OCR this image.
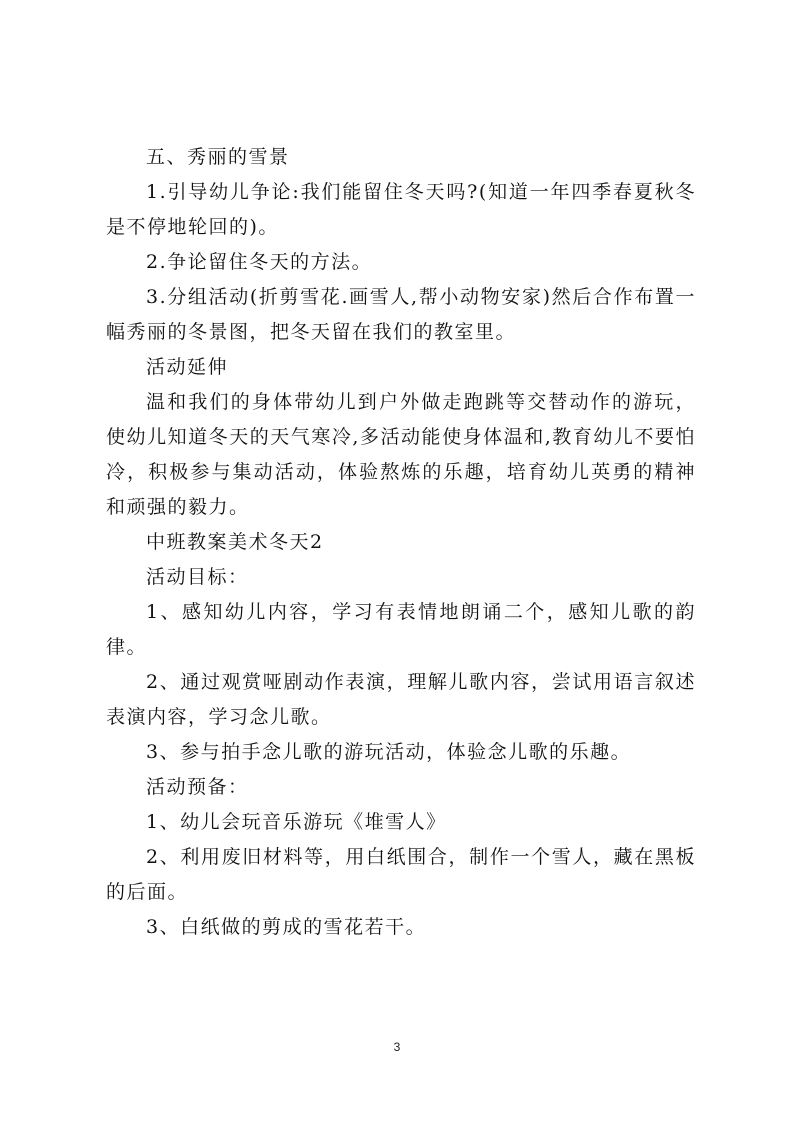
五、秀丽的雪景

1.引导幼儿争论:我们能留住冬天吗?(知道一年四季春夏秋冬是不停地轮回的)。

2.争论留住冬天的方法。

3.分组活动(折剪雪花.画雪人,帮小动物安家)然后合作布置一幅秀丽的冬景图，把冬天留在我们的教室里。

活动延伸

温和我们的身体带幼儿到户外做走跑跳等交替动作的游玩，使幼儿知道冬天的天气寒冷,多活动能使身体温和,教育幼儿不要怕冷，积极参与集动活动，体验熬炼的乐趣，培育幼儿英勇的精神和顽强的毅力。

中班教案美术冬天2

活动目标：

1、感知幼儿内容，学习有表情地朗诵二个，感知儿歌的韵律。

2、通过观赏哑剧动作表演，理解儿歌内容，尝试用语言叙述表演内容，学习念儿歌。

3、参与拍手念儿歌的游玩活动，体验念儿歌的乐趣。

活动预备：

1、幼儿会玩音乐游玩《堆雪人》

2、利用废旧材料等，用白纸围合，制作一个雪人，藏在黑板的后面。

3、白纸做的剪成的雪花若干。

3
